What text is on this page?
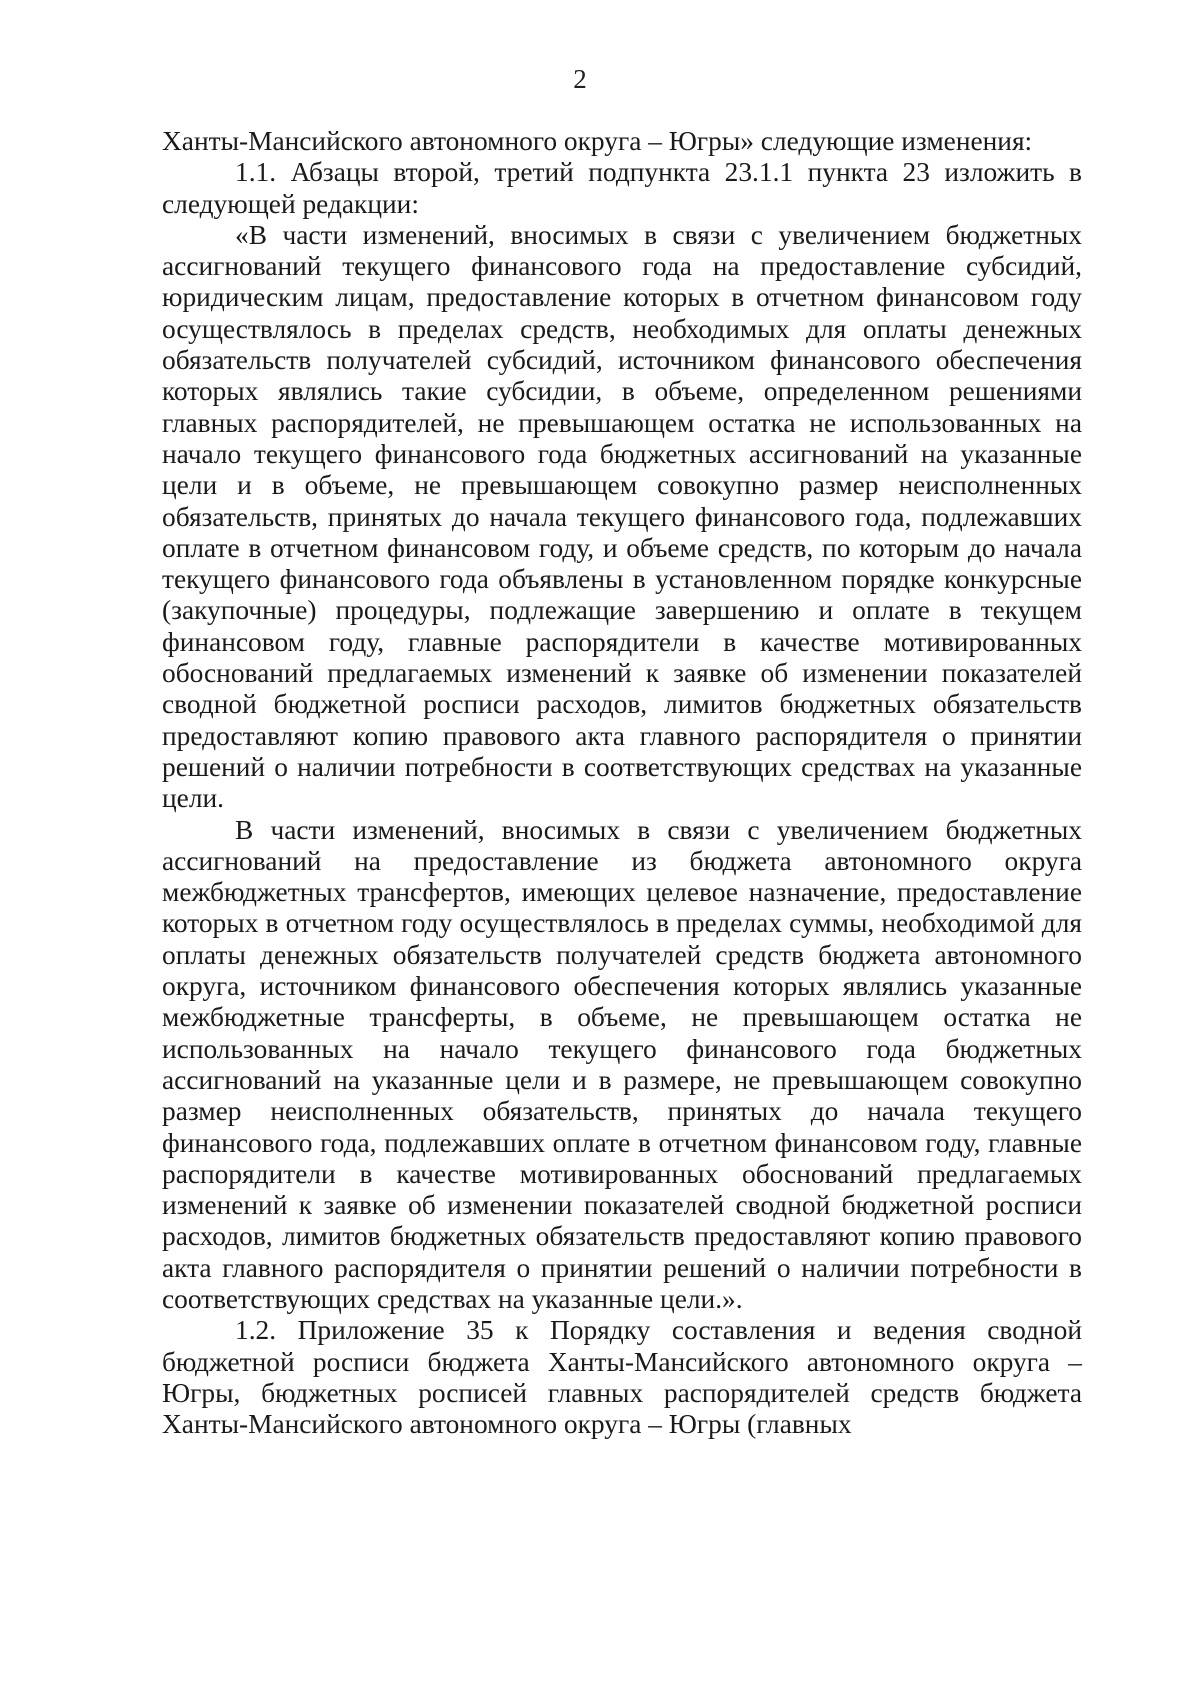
2

Ханты-Мансийского автономного округа – Югры» следующие изменения:

1.1. Абзацы второй, третий подпункта 23.1.1 пункта 23 изложить в следующей редакции:

«В части изменений, вносимых в связи с увеличением бюджетных ассигнований текущего финансового года на предоставление субсидий, юридическим лицам, предоставление которых в отчетном финансовом году осуществлялось в пределах средств, необходимых для оплаты денежных обязательств получателей субсидий, источником финансового обеспечения которых являлись такие субсидии, в объеме, определенном решениями главных распорядителей, не превышающем остатка не использованных на начало текущего финансового года бюджетных ассигнований на указанные цели и в объеме, не превышающем совокупно размер неисполненных обязательств, принятых до начала текущего финансового года, подлежавших оплате в отчетном финансовом году, и объеме средств, по которым до начала текущего финансового года объявлены в установленном порядке конкурсные (закупочные) процедуры, подлежащие завершению и оплате в текущем финансовом году, главные распорядители в качестве мотивированных обоснований предлагаемых изменений к заявке об изменении показателей сводной бюджетной росписи расходов, лимитов бюджетных обязательств предоставляют копию правового акта главного распорядителя о принятии решений о наличии потребности в соответствующих средствах на указанные цели.

В части изменений, вносимых в связи с увеличением бюджетных ассигнований на предоставление из бюджета автономного округа межбюджетных трансфертов, имеющих целевое назначение, предоставление которых в отчетном году осуществлялось в пределах суммы, необходимой для оплаты денежных обязательств получателей средств бюджета автономного округа, источником финансового обеспечения которых являлись указанные межбюджетные трансферты, в объеме, не превышающем остатка не использованных на начало текущего финансового года бюджетных ассигнований на указанные цели и в размере, не превышающем совокупно размер неисполненных обязательств, принятых до начала текущего финансового года, подлежавших оплате в отчетном финансовом году, главные распорядители в качестве мотивированных обоснований предлагаемых изменений к заявке об изменении показателей сводной бюджетной росписи расходов, лимитов бюджетных обязательств предоставляют копию правового акта главного распорядителя о принятии решений о наличии потребности в соответствующих средствах на указанные цели.».

1.2. Приложение 35 к Порядку составления и ведения сводной бюджетной росписи бюджета Ханты-Мансийского автономного округа – Югры, бюджетных росписей главных распорядителей средств бюджета Ханты-Мансийского автономного округа – Югры (главных
